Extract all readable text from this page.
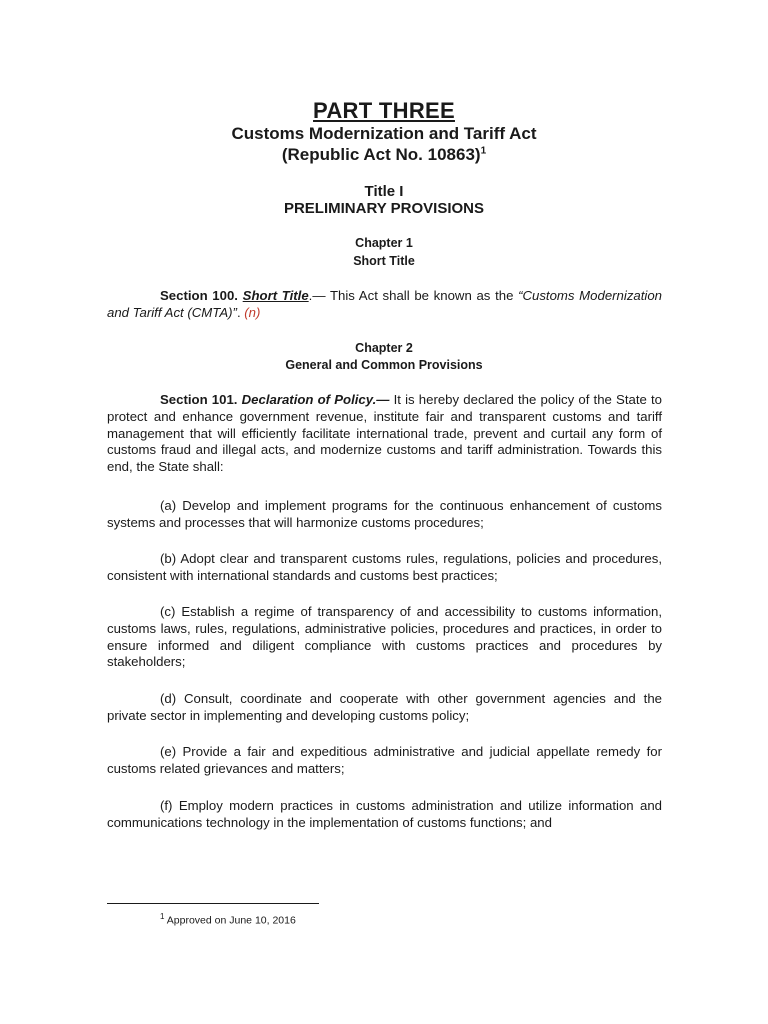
PART THREE
Customs Modernization and Tariff Act
(Republic Act No. 10863)$^1$
Title I
PRELIMINARY PROVISIONS
Chapter 1
Short Title
Section 100. Short Title.— This Act shall be known as the “Customs Modernization and Tariff Act (CMTA)”. (n)
Chapter 2
General and Common Provisions
Section 101. Declaration of Policy.— It is hereby declared the policy of the State to protect and enhance government revenue, institute fair and transparent customs and tariff management that will efficiently facilitate international trade, prevent and curtail any form of customs fraud and illegal acts, and modernize customs and tariff administration. Towards this end, the State shall:
(a) Develop and implement programs for the continuous enhancement of customs systems and processes that will harmonize customs procedures;
(b) Adopt clear and transparent customs rules, regulations, policies and procedures, consistent with international standards and customs best practices;
(c) Establish a regime of transparency of and accessibility to customs information, customs laws, rules, regulations, administrative policies, procedures and practices, in order to ensure informed and diligent compliance with customs practices and procedures by stakeholders;
(d) Consult, coordinate and cooperate with other government agencies and the private sector in implementing and developing customs policy;
(e) Provide a fair and expeditious administrative and judicial appellate remedy for customs related grievances and matters;
(f) Employ modern practices in customs administration and utilize information and communications technology in the implementation of customs functions; and
$^1$ Approved on June 10, 2016
